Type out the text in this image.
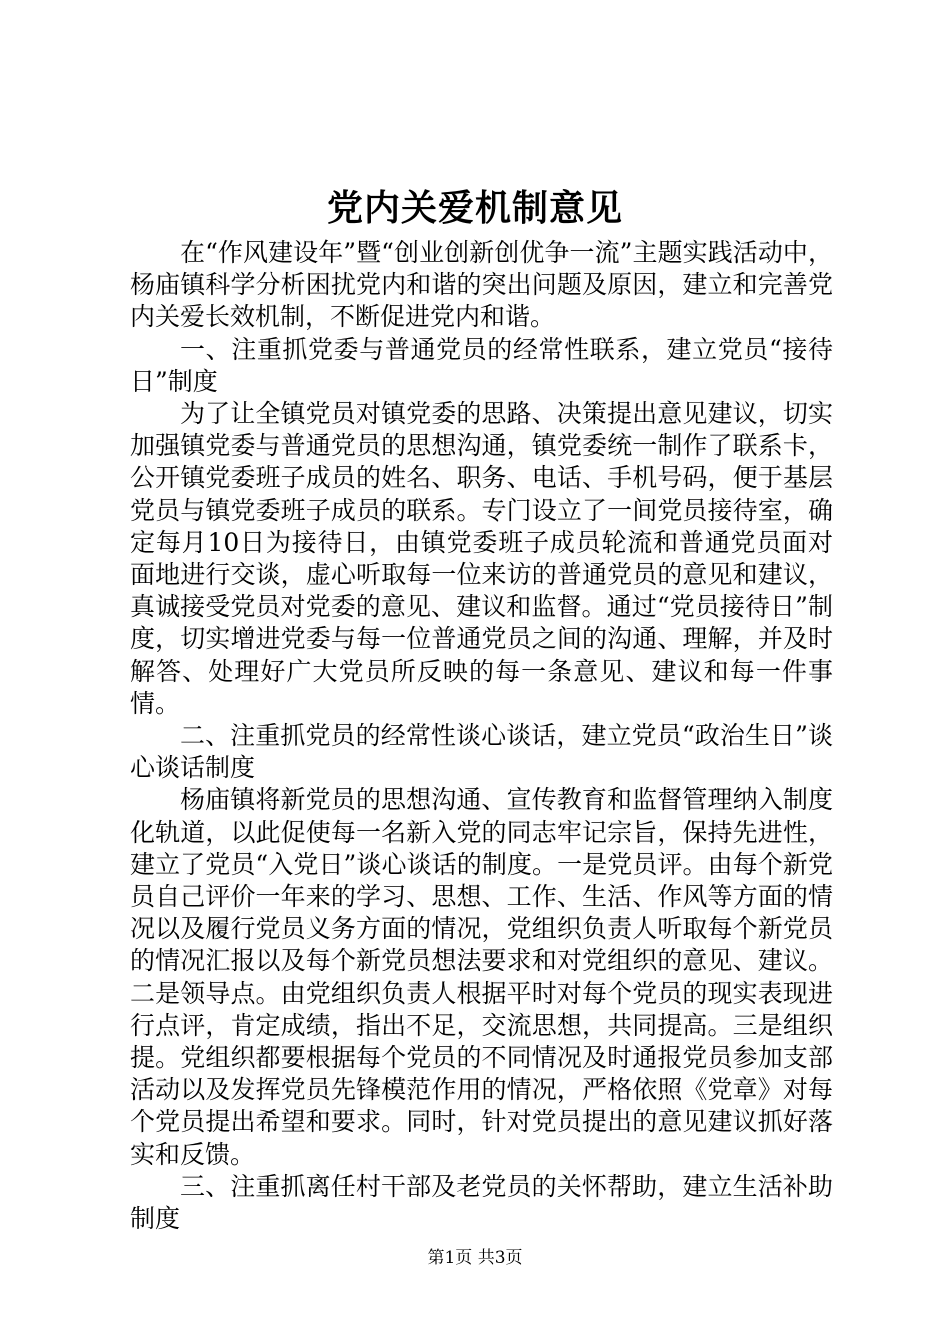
党内关爱机制意见

在“作风建设年”暨“创业创新创优争一流”主题实践活动中，杨庙镇科学分析困扰党内和谐的突出问题及原因，建立和完善党内关爱长效机制，不断促进党内和谐。

一、注重抓党委与普通党员的经常性联系，建立党员“接待日”制度

为了让全镇党员对镇党委的思路、决策提出意见建议，切实加强镇党委与普通党员的思想沟通，镇党委统一制作了联系卡，公开镇党委班子成员的姓名、职务、电话、手机号码，便于基层党员与镇党委班子成员的联系。专门设立了一间党员接待室，确定每月10日为接待日，由镇党委班子成员轮流和普通党员面对面地进行交谈，虚心听取每一位来访的普通党员的意见和建议，真诚接受党员对党委的意见、建议和监督。通过“党员接待日”制度，切实增进党委与每一位普通党员之间的沟通、理解，并及时解答、处理好广大党员所反映的每一条意见、建议和每一件事情。

二、注重抓党员的经常性谈心谈话，建立党员“政治生日”谈心谈话制度

杨庙镇将新党员的思想沟通、宣传教育和监督管理纳入制度化轨道，以此促使每一名新入党的同志牢记宗旨，保持先进性，建立了党员“入党日”谈心谈话的制度。一是党员评。由每个新党员自己评价一年来的学习、思想、工作、生活、作风等方面的情况以及履行党员义务方面的情况，党组织负责人听取每个新党员的情况汇报以及每个新党员想法要求和对党组织的意见、建议。二是领导点。由党组织负责人根据平时对每个党员的现实表现进行点评，肯定成绩，指出不足，交流思想，共同提高。三是组织提。党组织都要根据每个党员的不同情况及时通报党员参加支部活动以及发挥党员先锋模范作用的情况，严格依照《党章》对每个党员提出希望和要求。同时，针对党员提出的意见建议抓好落实和反馈。

三、注重抓离任村干部及老党员的关怀帮助，建立生活补助制度

第1页 共3页
